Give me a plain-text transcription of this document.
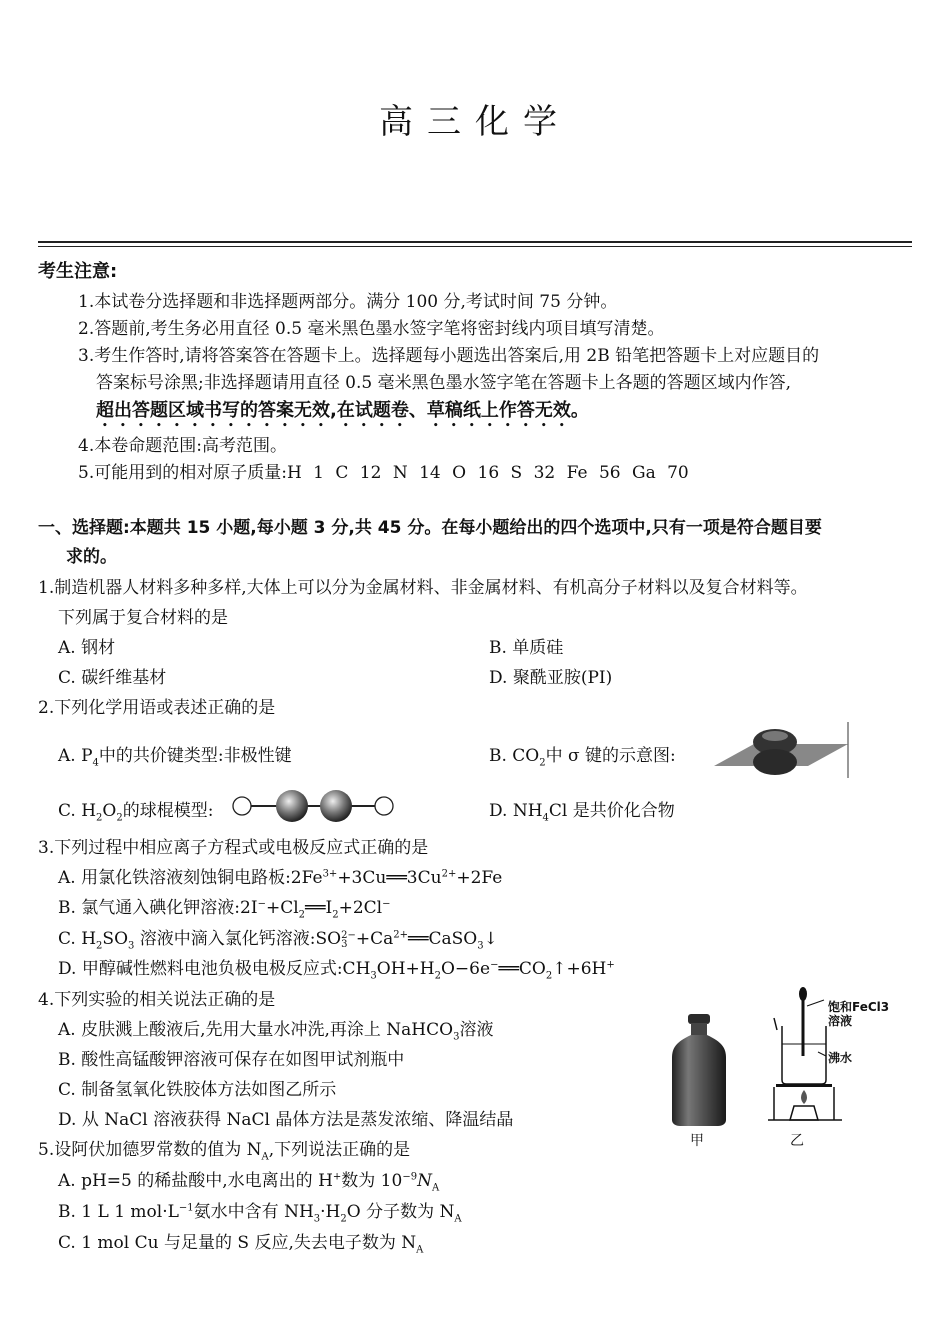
高三化学
考生注意:
1.本试卷分选择题和非选择题两部分。满分 100 分,考试时间 75 分钟。
2.答题前,考生务必用直径 0.5 毫米黑色墨水签字笔将密封线内项目填写清楚。
3.考生作答时,请将答案答在答题卡上。选择题每小题选出答案后,用 2B 铅笔把答题卡上对应题目的
答案标号涂黑;非选择题请用直径 0.5 毫米黑色墨水签字笔在答题卡上各题的答题区域内作答,
超出答题区域书写的答案无效,在试题卷、草稿纸上作答无效。
4.本卷命题范围:高考范围。
5.可能用到的相对原子质量:H 1 C 12 N 14 O 16 S 32 Fe 56 Ga 70
一、选择题:本题共 15 小题,每小题 3 分,共 45 分。在每小题给出的四个选项中,只有一项是符合题目要
求的。
1.制造机器人材料多种多样,大体上可以分为金属材料、非金属材料、有机高分子材料以及复合材料等。
下列属于复合材料的是
A. 钢材	B. 单质硅
C. 碳纤维基材	D. 聚酰亚胺(PI)
2.下列化学用语或表述正确的是
A. $P_4$中的共价键类型:非极性键	B. $CO_2$中 σ 键的示意图:
C. $H_2O_2$的球棍模型:	D. $NH_4Cl$ 是共价化合物
3.下列过程中相应离子方程式或电极反应式正确的是
A. 用氯化铁溶液刻蚀铜电路板$:2Fe^{3+}+3Cu══3Cu^{2+}+2Fe$
B. 氯气通入碘化钾溶液$:2I^-+Cl_2══I_2+2Cl^-$
C. $H_2SO_3$ 溶液中滴入氯化钙溶液:SO 2−
$3 +Ca^{2+}══CaSO_3↓$
D. 甲醇碱性燃料电池负极电极反应式$:CH_3OH+H_2O-6e^-══CO_2↑+6H^+$
4.下列实验的相关说法正确的是
A. 皮肤溅上酸液后,先用大量水冲洗,再涂上 NaHCO$_3$溶液
B. 酸性高锰酸钾溶液可保存在如图甲试剂瓶中
C. 制备氢氧化铁胶体方法如图乙所示
D. 从 NaCl 溶液获得 NaCl 晶体方法是蒸发浓缩、降温结晶
甲
饱和FeCl3
溶液
沸水
乙
5.设阿伏加德罗常数的值为 $N_A$,下列说法正确的是
A. pH=5 的稀盐酸中,水电离出的 H+数为 $10^{-9}N_A$
B. 1 L 1 $mol\cdot L^{-1}$氨水中含有 $NH_3\cdot H_2O$ 分子数为 $N_A$
C. 1 mol Cu 与足量的 S 反应,失去电子数为 $N_A$
